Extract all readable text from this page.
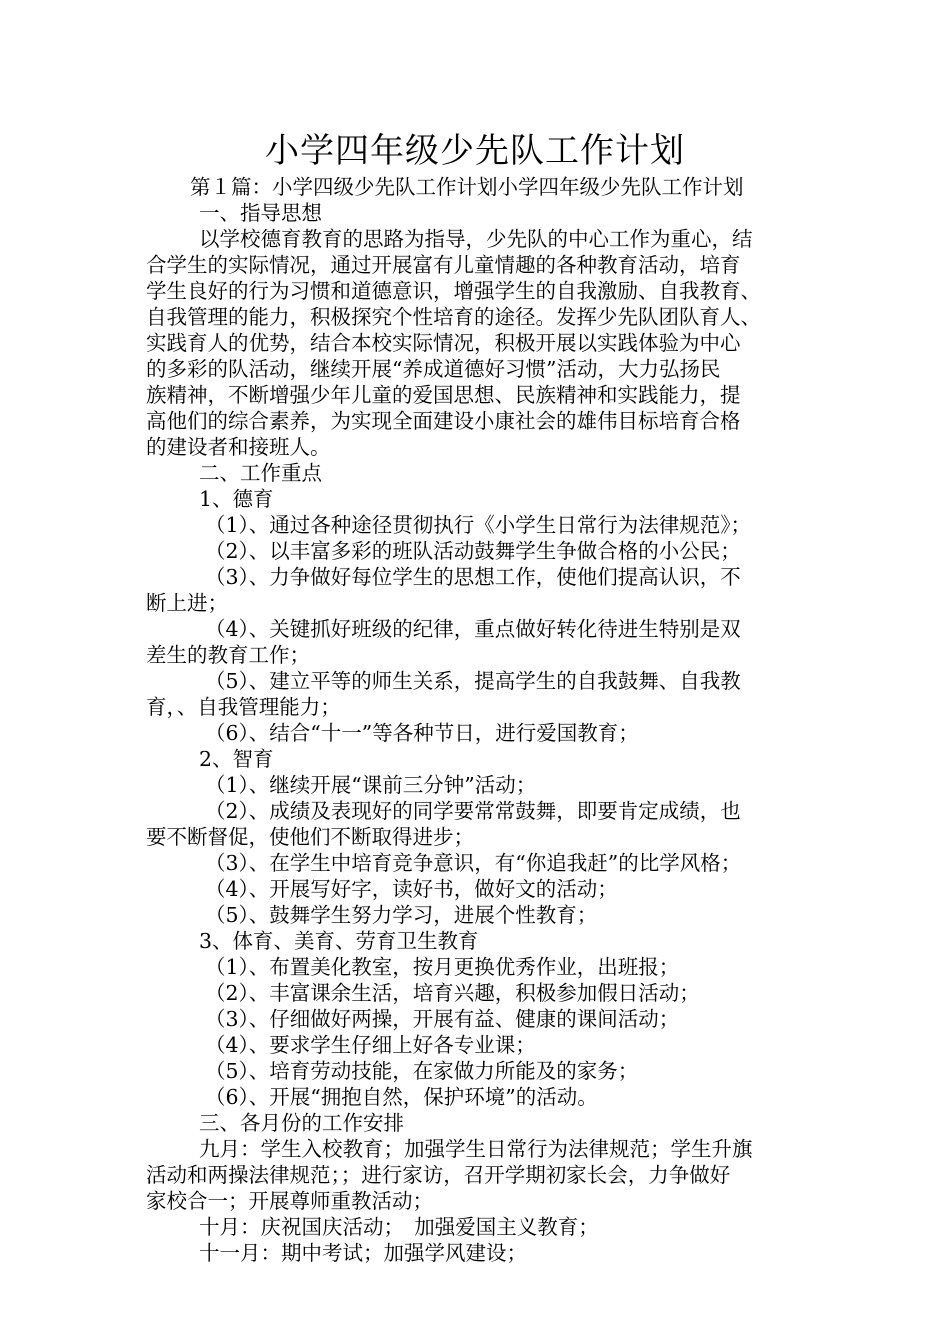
小学四年级少先队工作计划
第１篇：小学四级少先队工作计划小学四年级少先队工作计划
一、指导思想
以学校德育教育的思路为指导，少先队的中心工作为重心，结
合学生的实际情况，通过开展富有儿童情趣的各种教育活动，培育
学生良好的行为习惯和道德意识，增强学生的自我激励、自我教育、
自我管理的能力，积极探究个性培育的途径。发挥少先队团队育人、
实践育人的优势，结合本校实际情况，积极开展以实践体验为中心
的多彩的队活动，继续开展“养成道德好习惯”活动，大力弘扬民
族精神，不断增强少年儿童的爱国思想、民族精神和实践能力，提
高他们的综合素养，为实现全面建设小康社会的雄伟目标培育合格
的建设者和接班人。
二、工作重点
1、德育
（1）、通过各种途径贯彻执行《小学生日常行为法律规范》；
（2）、以丰富多彩的班队活动鼓舞学生争做合格的小公民；
（3）、力争做好每位学生的思想工作，使他们提高认识，不
断上进；
（4）、关键抓好班级的纪律，重点做好转化待进生特别是双
差生的教育工作；
（5）、建立平等的师生关系，提高学生的自我鼓舞、自我教
育，、自我管理能力；
（6）、结合“十一”等各种节日，进行爱国教育；
2、智育
（1）、继续开展“课前三分钟”活动；
（2）、成绩及表现好的同学要常常鼓舞，即要肯定成绩，也
要不断督促，使他们不断取得进步；
（3）、在学生中培育竞争意识，有“你追我赶”的比学风格；
（4）、开展写好字，读好书，做好文的活动；
（5）、鼓舞学生努力学习，进展个性教育；
3、体育、美育、劳育卫生教育
（1）、布置美化教室，按月更换优秀作业，出班报；
（2）、丰富课余生活，培育兴趣，积极参加假日活动；
（3）、仔细做好两操，开展有益、健康的课间活动；
（4）、要求学生仔细上好各专业课；
（5）、培育劳动技能，在家做力所能及的家务；
（6）、开展“拥抱自然，保护环境”的活动。
三、各月份的工作安排
九月：学生入校教育；加强学生日常行为法律规范；学生升旗
活动和两操法律规范；；进行家访，召开学期初家长会，力争做好
家校合一；开展尊师重教活动；
十月：庆祝国庆活动；　加强爱国主义教育；
十一月：期中考试；加强学风建设；
